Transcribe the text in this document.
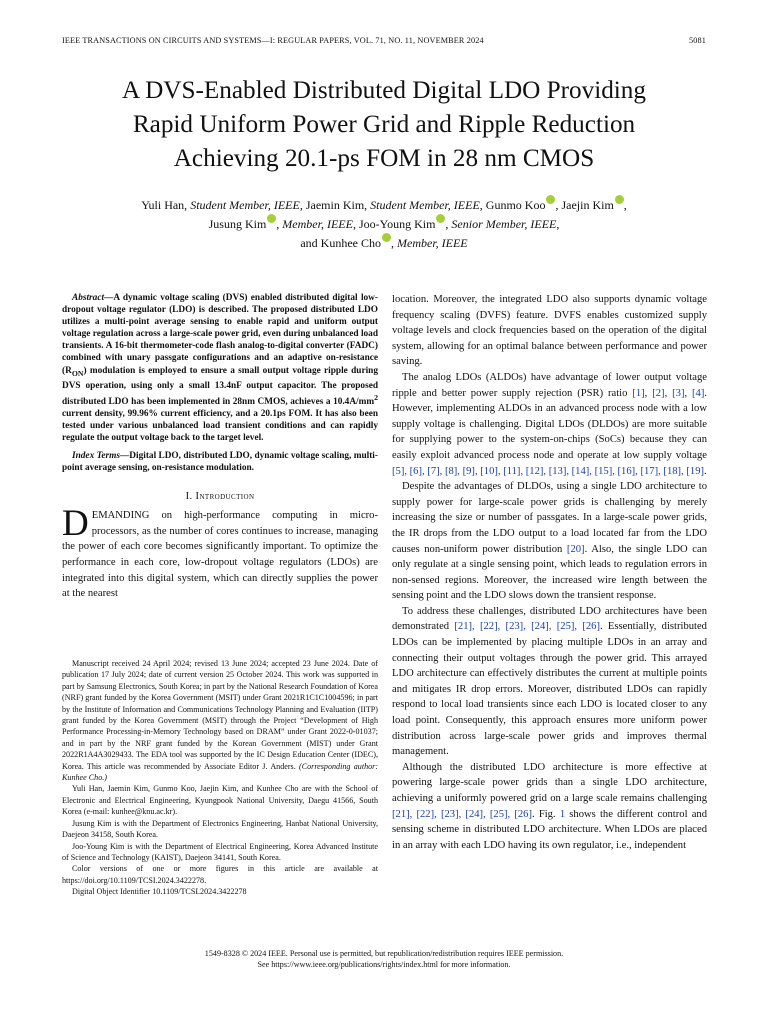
IEEE TRANSACTIONS ON CIRCUITS AND SYSTEMS—I: REGULAR PAPERS, VOL. 71, NO. 11, NOVEMBER 2024	5081
A DVS-Enabled Distributed Digital LDO Providing
Rapid Uniform Power Grid and Ripple Reduction
Achieving 20.1-ps FOM in 28 nm CMOS
Yuli Han, Student Member, IEEE, Jaemin Kim, Student Member, IEEE, Gunmo Koo , Jaejin Kim ,
Jusung Kim , Member, IEEE, Joo-Young Kim , Senior Member, IEEE,
and Kunhee Cho , Member, IEEE

Abstract—A dynamic voltage scaling (DVS) enabled distributed digital low-dropout voltage regulator (LDO) is described. The proposed distributed LDO utilizes a multi-point average sensing to enable rapid and uniform output voltage regulation across a large-scale power grid, even during unbalanced load transients. A 16-bit thermometer-code flash analog-to-digital converter (FADC) combined with unary passgate configurations and an adaptive on-resistance $(R_{ON})$ modulation is employed to ensure a small output voltage ripple during DVS operation, using only a small 13.4nF output capacitor. The proposed distributed LDO has been implemented in 28nm CMOS, achieves a $10.4A/mm^2$ current density, 99.96% current efficiency, and a 20.1ps FOM. It has also been tested under various unbalanced load transient conditions and can rapidly regulate the output voltage back to the target level.

Index Terms—Digital LDO, distributed LDO, dynamic voltage scaling, multi-point average sensing, on-resistance modulation.

I. Introduction

DEMANDING on high-performance computing in micro-processors, as the number of cores continues to increase, managing the power of each core becomes significantly important. To optimize the performance in each core, low-dropout voltage regulators (LDOs) are integrated into this digital system, which can directly supplies the power at the nearest

Manuscript received 24 April 2024; revised 13 June 2024; accepted 23 June 2024. Date of publication 17 July 2024; date of current version 25 October 2024. This work was supported in part by Samsung Electronics, South Korea; in part by the National Research Foundation of Korea (NRF) grant funded by the Korea Government (MSIT) under Grant 2021R1C1C1004596; in part by the Institute of Information and Communications Technology Planning and Evaluation (IITP) grant funded by the Korea Government (MSIT) through the Project “Development of High Performance Processing-in-Memory Technology based on DRAM” under Grant 2022-0-01037; and in part by the NRF grant funded by the Korean Government (MIST) under Grant 2022R1A4A3029433. The EDA tool was supported by the IC Design Education Center (IDEC), Korea. This article was recommended by Associate Editor J. Anders. (Corresponding author: Kunhee Cho.)

Yuli Han, Jaemin Kim, Gunmo Koo, Jaejin Kim, and Kunhee Cho are with the School of Electronic and Electrical Engineering, Kyungpook National University, Daegu 41566, South Korea (e-mail: kunhee@knu.ac.kr).

Jusung Kim is with the Department of Electronics Engineering, Hanbat National University, Daejeon 34158, South Korea.

Joo-Young Kim is with the Department of Electrical Engineering, Korea Advanced Institute of Science and Technology (KAIST), Daejeon 34141, South Korea.

Color versions of one or more figures in this article are available at https://doi.org/10.1109/TCSI.2024.3422278.

Digital Object Identifier 10.1109/TCSI.2024.3422278

location. Moreover, the integrated LDO also supports dynamic voltage frequency scaling (DVFS) feature. DVFS enables customized supply voltage levels and clock frequencies based on the operation of the digital system, allowing for an optimal balance between performance and power saving.

The analog LDOs (ALDOs) have advantage of lower output voltage ripple and better power supply rejection (PSR) ratio [1], [2], [3], [4]. However, implementing ALDOs in an advanced process node with a low supply voltage is challenging. Digital LDOs (DLDOs) are more suitable for supplying power to the system-on-chips (SoCs) because they can easily exploit advanced process node and operate at low supply voltage [5], [6], [7], [8], [9], [10], [11], [12], [13], [14], [15], [16], [17], [18], [19].

Despite the advantages of DLDOs, using a single LDO architecture to supply power for large-scale power grids is challenging by merely increasing the size or number of passgates. In a large-scale power grids, the IR drops from the LDO output to a load located far from the LDO causes non-uniform power distribution [20]. Also, the single LDO can only regulate at a single sensing point, which leads to regulation errors in non-sensed regions. Moreover, the increased wire length between the sensing point and the LDO slows down the transient response.

To address these challenges, distributed LDO architectures have been demonstrated [21], [22], [23], [24], [25], [26]. Essentially, distributed LDOs can be implemented by placing multiple LDOs in an array and connecting their output voltages through the power grid. This arrayed LDO architecture can effectively distributes the current at multiple points and mitigates IR drop errors. Moreover, distributed LDOs can rapidly respond to local load transients since each LDO is located closer to any load point. Consequently, this approach ensures more uniform power distribution across large-scale power grids and improves thermal management.

Although the distributed LDO architecture is more effective at powering large-scale power grids than a single LDO architecture, achieving a uniformly powered grid on a large scale remains challenging [21], [22], [23], [24], [25], [26]. Fig. 1 shows the different control and sensing scheme in distributed LDO architecture. When LDOs are placed in an array with each LDO having its own regulator, i.e., independent

1549-8328 © 2024 IEEE. Personal use is permitted, but republication/redistribution requires IEEE permission.
See https://www.ieee.org/publications/rights/index.html for more information.
